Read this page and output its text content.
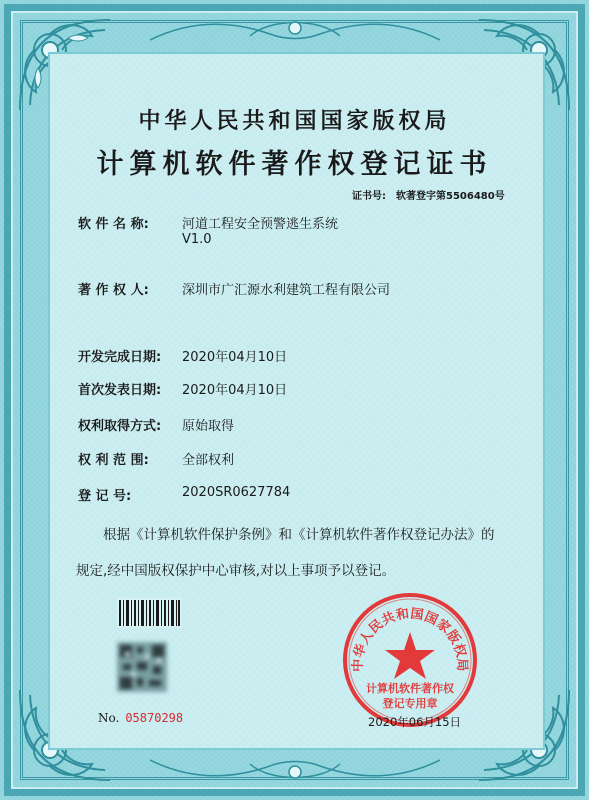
中华人民共和国国家版权局
计算机软件著作权登记证书
证书号: 软著登字第5506480号
软 件 名 称:	河道工程安全预警逃生系统
V1.0
著 作 权 人:	深圳市广汇源水利建筑工程有限公司
开发完成日期: 2020年04月10日
首次发表日期: 2020年04月10日
权利取得方式: 原始取得
权 利 范 围:	全部权利
登 记 号:	2020SR0627784
根据《计算机软件保护条例》和《计算机软件著作权登记办法》的
规定,经中国版权保护中心审核,对以上事项予以登记。
No. 05870298
中华人民共和国国家版权局
计算机软件著作权
登记专用章
2020年06月15日
